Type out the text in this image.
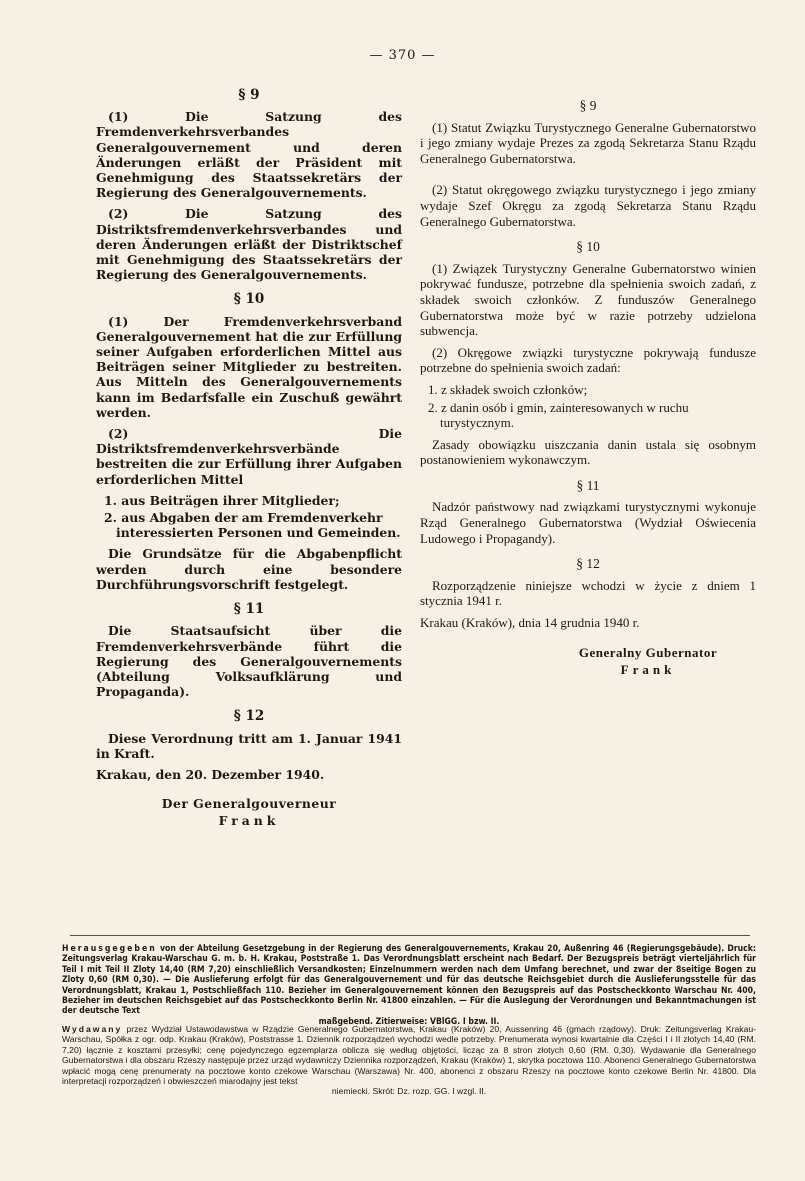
— 370 —
§ 9

(1) Die Satzung des Fremdenverkehrsverbandes Generalgouvernement und deren Änderungen erläßt der Präsident mit Genehmigung des Staatssekretärs der Regierung des Generalgouvernements.

(2) Die Satzung des Distriktsfremdenverkehrsverbandes und deren Änderungen erläßt der Distriktschef mit Genehmigung des Staatssekretärs der Regierung des Generalgouvernements.

§ 10

(1) Der Fremdenverkehrsverband Generalgouvernement hat die zur Erfüllung seiner Aufgaben erforderlichen Mittel aus Beiträgen seiner Mitglieder zu bestreiten. Aus Mitteln des Generalgouvernements kann im Bedarfsfalle ein Zuschuß gewährt werden.

(2) Die Distriktsfremdenverkehrsverbände bestreiten die zur Erfüllung ihrer Aufgaben erforderlichen Mittel

1. aus Beiträgen ihrer Mitglieder;
2. aus Abgaben der am Fremdenverkehr interessierten Personen und Gemeinden.

Die Grundsätze für die Abgabenpflicht werden durch eine besondere Durchführungsvorschrift festgelegt.

§ 11

Die Staatsaufsicht über die Fremdenverkehrsverbände führt die Regierung des Generalgouvernements (Abteilung Volksaufklärung und Propaganda).

§ 12

Diese Verordnung tritt am 1. Januar 1941 in Kraft.

Krakau, den 20. Dezember 1940.

Der Generalgouverneur
Frank
§ 9

(1) Statut Związku Turystycznego Generalne Gubernatorstwo i jego zmiany wydaje Prezes za zgodą Sekretarza Stanu Rządu Generalnego Gubernatorstwa.

(2) Statut okręgowego związku turystycznego i jego zmiany wydaje Szef Okręgu za zgodą Sekretarza Stanu Rządu Generalnego Gubernatorstwa.

§ 10

(1) Związek Turystyczny Generalne Gubernatorstwo winien pokrywać fundusze, potrzebne dla spełnienia swoich zadań, z składek swoich członków. Z funduszów Generalnego Gubernatorstwa może być w razie potrzeby udzielona subwencja.

(2) Okręgowe związki turystyczne pokrywają fundusze potrzebne do spełnienia swoich zadań:

1. z składek swoich członków;
2. z danin osób i gmin, zainteresowanych w ruchu turystycznym.

Zasady obowiązku uiszczania danin ustala się osobnym postanowieniem wykonawczym.

§ 11

Nadzór państwowy nad związkami turystycznymi wykonuje Rząd Generalnego Gubernatorstwa (Wydział Oświecenia Ludowego i Propagandy).

§ 12

Rozporządzenie niniejsze wchodzi w życie z dniem 1 stycznia 1941 r.

Krakau (Kraków), dnia 14 grudnia 1940 r.

Generalny Gubernator
Frank
Herausgegeben von der Abteilung Gesetzgebung in der Regierung des Generalgouvernements, Krakau 20, Außenring 46 (Regierungsgebäude). Druck: Zeitungsverlag Krakau-Warschau G. m. b. H. Krakau, Poststraße 1. Das Verordnungsblatt erscheint nach Bedarf. Der Bezugspreis beträgt vierteljährlich für Teil I mit Teil II Zloty 14,40 (RM 7,20) einschließlich Versandkosten; Einzelnummern werden nach dem Umfang berechnet, und zwar der 8seitige Bogen zu Zloty 0,60 (RM 0,30). — Die Auslieferung erfolgt für das Generalgouvernement und für das deutsche Reichsgebiet durch die Auslieferungsstelle für das Verordnungsblatt, Krakau 1, Postschließfach 110. Bezieher im Generalgouvernement können den Bezugspreis auf das Postscheckkonto Warschau Nr. 400, Bezieher im deutschen Reichsgebiet auf das Postscheckkonto Berlin Nr. 41800 einzahlen. — Für die Auslegung der Verordnungen und Bekanntmachungen ist der deutsche Text
maßgebend. Zitierweise: VBlGG. I bzw. II.
Wydawany przez Wydział Ustawodawstwa w Rządzie Generalnego Gubernatorstwa, Krakau (Kraków) 20, Aussenring 46 (gmach rządowy). Druk: Zeitungsverlag Krakau-Warschau, Spółka z ogr. odp. Krakau (Kraków), Poststrasse 1. Dziennik rozporządzeń wychodzi wedle potrzeby. Prenumerata wynosi kwartalnie dla Części I i II złotych 14,40 (RM. 7,20) łącznie z kosztami przesyłki; cenę pojedynczego egzemplarza oblicza się według objętości, licząc za 8 stron złotych 0,60 (RM. 0,30). Wydawanie dla Generalnego Gubernatorstwa i dla obszaru Rzeszy następuje przez urząd wydawniczy Dziennika rozporządzeń, Krakau (Kraków) 1, skrytka pocztowa 110. Abonenci Generalnego Gubernatorstwa wpłacić mogą cenę prenumeraty na pocztowe konto czekowe Warschau (Warszawa) Nr. 400, abonenci z obszaru Rzeszy na pocztowe konto czekowe Berlin Nr. 41800. Dla interpretacji rozporządzeń i obwieszczeń miarodajny jest tekst
niemiecki. Skrót: Dz. rozp. GG. I wzgl. II.
